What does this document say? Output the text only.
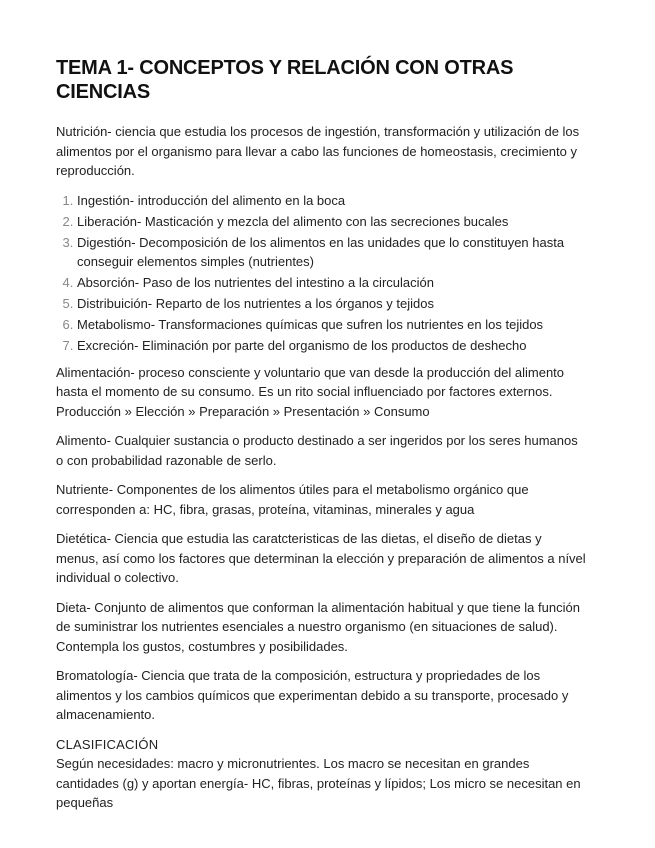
TEMA 1- CONCEPTOS Y RELACIÓN CON OTRAS CIENCIAS

Nutrición- ciencia que estudia los procesos de ingestión, transformación y utilización de los alimentos por el organismo para llevar a cabo las funciones de homeostasis, crecimiento y reproducción.

1. Ingestión- introducción del alimento en la boca
2. Liberación- Masticación y mezcla del alimento con las secreciones bucales
3. Digestión- Decomposición de los alimentos en las unidades que lo constituyen hasta conseguir elementos simples (nutrientes)
4. Absorción- Paso de los nutrientes del intestino a la circulación
5. Distribuición- Reparto de los nutrientes a los órganos y tejidos
6. Metabolismo- Transformaciones químicas que sufren los nutrientes en los tejidos
7. Excreción- Eliminación por parte del organismo de los productos de deshecho

Alimentación- proceso consciente y voluntario que van desde la producción del alimento hasta el momento de su consumo. Es un rito social influenciado por factores externos. Producción » Elección » Preparación » Presentación » Consumo

Alimento- Cualquier sustancia o producto destinado a ser ingeridos por los seres humanos o con probabilidad razonable de serlo.

Nutriente- Componentes de los alimentos útiles para el metabolismo orgánico que corresponden a: HC, fibra, grasas, proteína, vitaminas, minerales y agua

Dietética- Ciencia que estudia las caratcteristicas de las dietas, el diseño de dietas y menus, así como los factores que determinan la elección y preparación de alimentos a nível individual o colectivo.

Dieta- Conjunto de alimentos que conforman la alimentación habitual y que tiene la función de suministrar los nutrientes esenciales a nuestro organismo (en situaciones de salud). Contempla los gustos, costumbres y posibilidades.

Bromatología- Ciencia que trata de la composición, estructura y propriedades de los alimentos y los cambios químicos que experimentan debido a su transporte, procesado y almacenamiento.

CLASIFICACIÓN

Según necesidades: macro y micronutrientes. Los macro se necesitan en grandes cantidades (g) y aportan energía- HC, fibras, proteínas y lípidos; Los micro se necesitan en pequeñas
